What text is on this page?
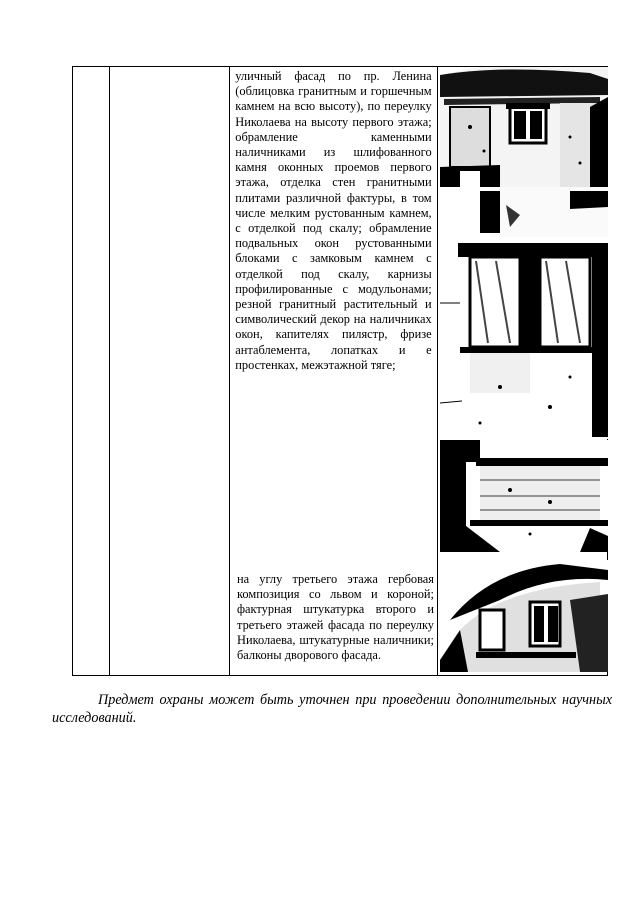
уличный фасад по пр. Ленина (облицовка гранитным и горшечным камнем на всю высоту), по переулку Николаева на высоту первого этажа; обрамление каменными наличниками из шлифованного камня оконных проемов первого этажа, отделка стен гранитными плитами различной фактуры, в том числе мелким рустованным камнем, с отделкой под скалу; обрамление подвальных окон рустованными блоками с замковым камнем с отделкой под скалу, карнизы профилированные с модульонами; резной гранитный растительный и символический декор на наличниках окон, капителях пилястр, фризе антаблемента, лопатках и е простенках, межэтажной тяге;

на углу третьего этажа гербовая композиция со львом и короной; фактурная штукатурка второго и третьего этажей фасада по переулку Николаева, штукатурные наличники; балконы дворового фасада.
Предмет охраны может быть уточнен при проведении дополнительных научных исследований.
